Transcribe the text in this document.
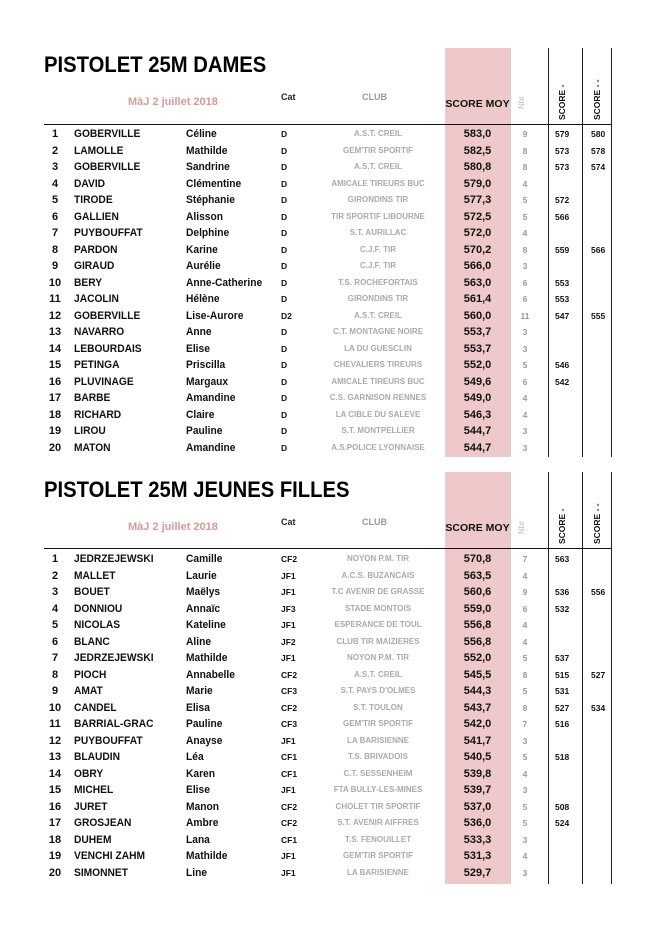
PISTOLET 25M DAMES
MàJ 2 juillet 2018	Cat	CLUB
SCORE MOY Nbr	SCORE -	SCORE - -
1	GOBERVILLE	Céline	D	A.S.T. CREIL	583,0	9	579	580
2	LAMOLLE	Mathilde	D	GEM'TIR SPORTIF	582,5	8	573	578
3	GOBERVILLE	Sandrine	D	A.S.T. CREIL	580,8	8	573	574
4	DAVID	Clémentine	D	AMICALE TIREURS BUC	579,0	4
5	TIRODE	Stéphanie	D	GIRONDINS TIR	577,3	5	572
6	GALLIEN	Alisson	D	TIR SPORTIF LIBOURNE	572,5	5	566
7	PUYBOUFFAT	Delphine	D	S.T. AURILLAC	572,0	4
8	PARDON	Karine	D	C.J.F. TIR	570,2	8	559	566
9	GIRAUD	Aurélie	D	C.J.F. TIR	566,0	3
10	BERY	Anne-Catherine D	T.S. ROCHEFORTAIS	563,0	6	553
11	JACOLIN	Hélène	D	GIRONDINS TIR	561,4	6	553
12	GOBERVILLE	Lise-Aurore	D2	A.S.T. CREIL	560,0	11	547	555
13	NAVARRO	Anne	D	C.T. MONTAGNE NOIRE	553,7	3
14	LEBOURDAIS	Elise	D	LA DU GUESCLIN	553,7	3
15	PETINGA	Priscilla	D	CHEVALIERS TIREURS	552,0	5	546
16	PLUVINAGE	Margaux	D	AMICALE TIREURS BUC	549,6	6	542
17	BARBE	Amandine	D	C.S. GARNISON RENNES	549,0	4
18	RICHARD	Claire	D	LA CIBLE DU SALEVE	546,3	4
19	LIROU	Pauline	D	S.T. MONTPELLIER	544,7	3
20	MATON	Amandine	D	A.S.POLICE LYONNAISE	544,7	3
PISTOLET 25M JEUNES FILLES
MàJ 2 juillet 2018	Cat	CLUB	SCORE MOY Nbr	SCORE -	SCORE - -
1	JEDRZEJEWSKI	Camille	CF2	NOYON P.M. TIR	570,8	7	563
2	MALLET	Laurie	JF1	A.C.S. BUZANCAIS	563,5	4
3	BOUET	Maëlys	JF1	T.C AVENIR DE GRASSE	560,6	9	536	556
4	DONNIOU	Annaïc	JF3	STADE MONTOIS	559,0	6	532
5	NICOLAS	Kateline	JF1	ESPERANCE DE TOUL	556,8	4
6	BLANC	Aline	JF2	CLUB TIR MAIZIERES	556,8	4
7	JEDRZEJEWSKI	Mathilde	JF1	NOYON P.M. TIR	552,0	5	537
8	PIOCH	Annabelle	CF2	A.S.T. CREIL	545,5	8	515	527
9	AMAT	Marie	CF3	S.T. PAYS D'OLMES	544,3	5	531
10	CANDEL	Elisa	CF2	S.T. TOULON	543,7	8	527	534
11	BARRIAL-GRAC	Pauline	CF3	GEM'TIR SPORTIF	542,0	7	516
12	PUYBOUFFAT	Anayse	JF1	LA BARISIENNE	541,7	3
13	BLAUDIN	Léa	CF1	T.S. BRIVADOIS	540,5	5	518
14	OBRY	Karen	CF1	C.T. SESSENHEIM	539,8	4
15	MICHEL	Elise	JF1	FTA BULLY-LES-MINES	539,7	3
16	JURET	Manon	CF2	CHOLET TIR SPORTIF	537,0	5	508
17	GROSJEAN	Ambre	CF2	S.T. AVENIR AIFFRES	536,0	5	524
18	DUHEM	Lana	CF1	T.S. FENOUILLET	533,3	3
19	VENCHI ZAHM	Mathilde	JF1	GEM'TIR SPORTIF	531,3	4
20	SIMONNET	Line	JF1	LA BARISIENNE	529,7	3
